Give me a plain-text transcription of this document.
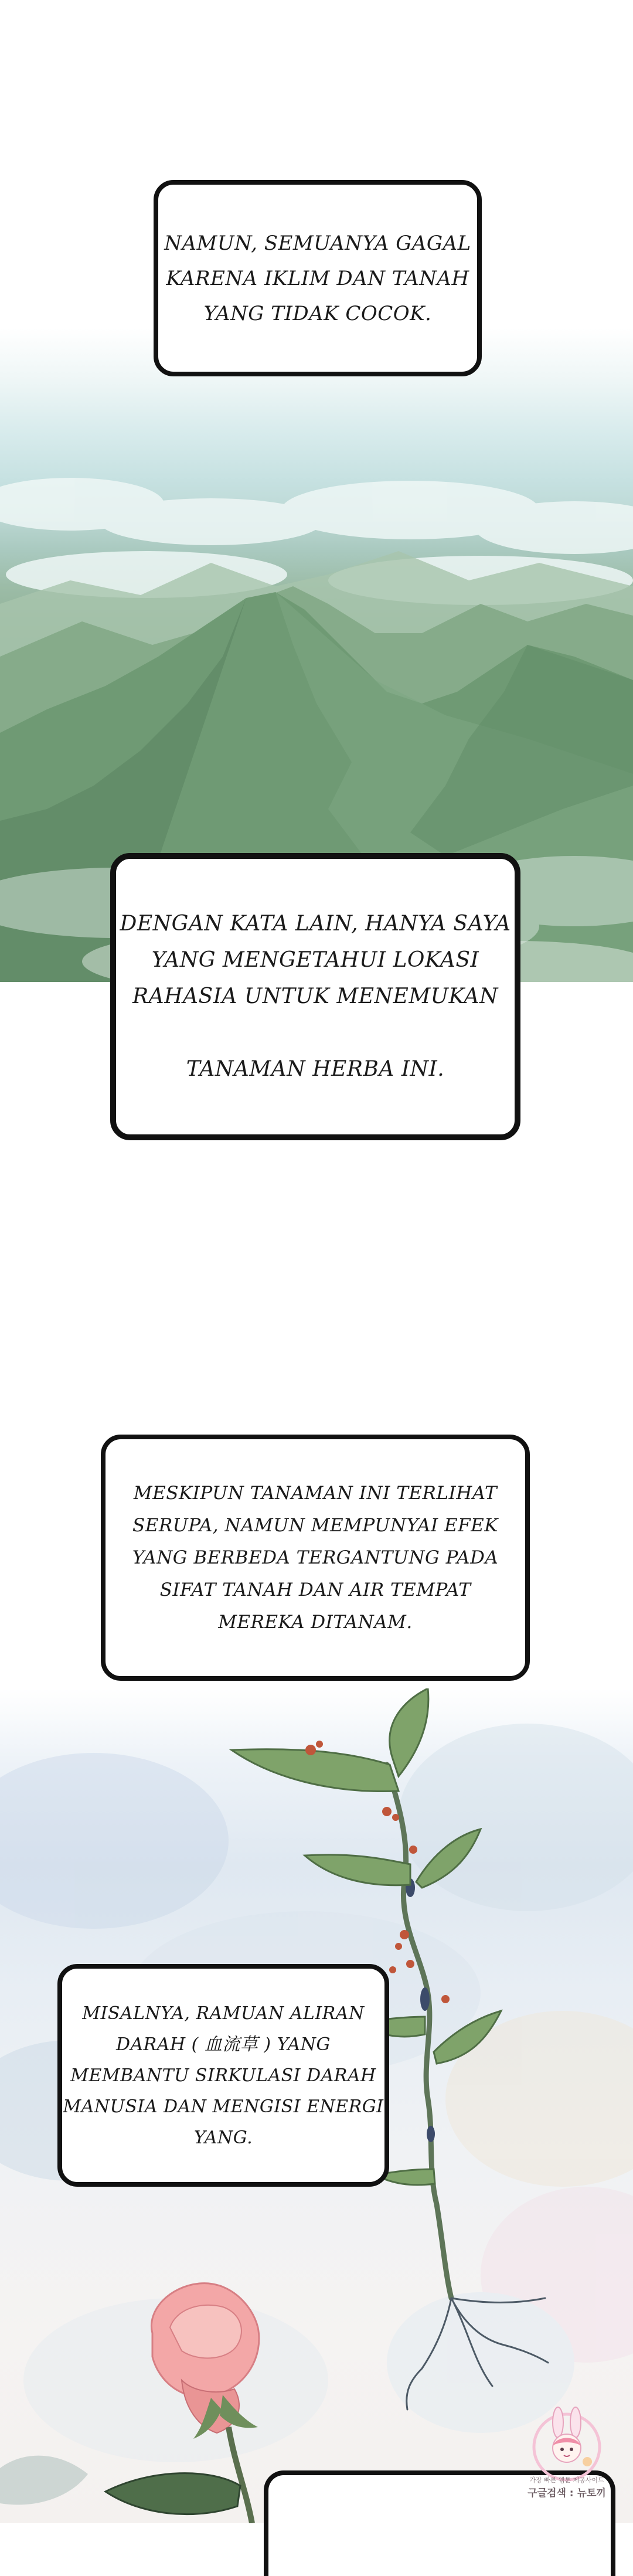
NAMUN, SEMUANYA GAGAL
KARENA IKLIM DAN TANAH
YANG TIDAK COCOK.
DENGAN KATA LAIN, HANYA SAYA
YANG MENGETAHUI LOKASI
RAHASIA UNTUK MENEMUKAN
TANAMAN HERBA INI.
MESKIPUN TANAMAN INI TERLIHAT
SERUPA, NAMUN MEMPUNYAI EFEK
YANG BERBEDA TERGANTUNG PADA
SIFAT TANAH DAN AIR TEMPAT
MEREKA DITANAM.
MISALNYA, RAMUAN ALIRAN
DARAH ( 血流草 ) YANG
MEMBANTU SIRKULASI DARAH
MANUSIA DAN MENGISI ENERGI
YANG.
가장 빠른 웹툰 제공사이트
구글검색 : 뉴토끼
